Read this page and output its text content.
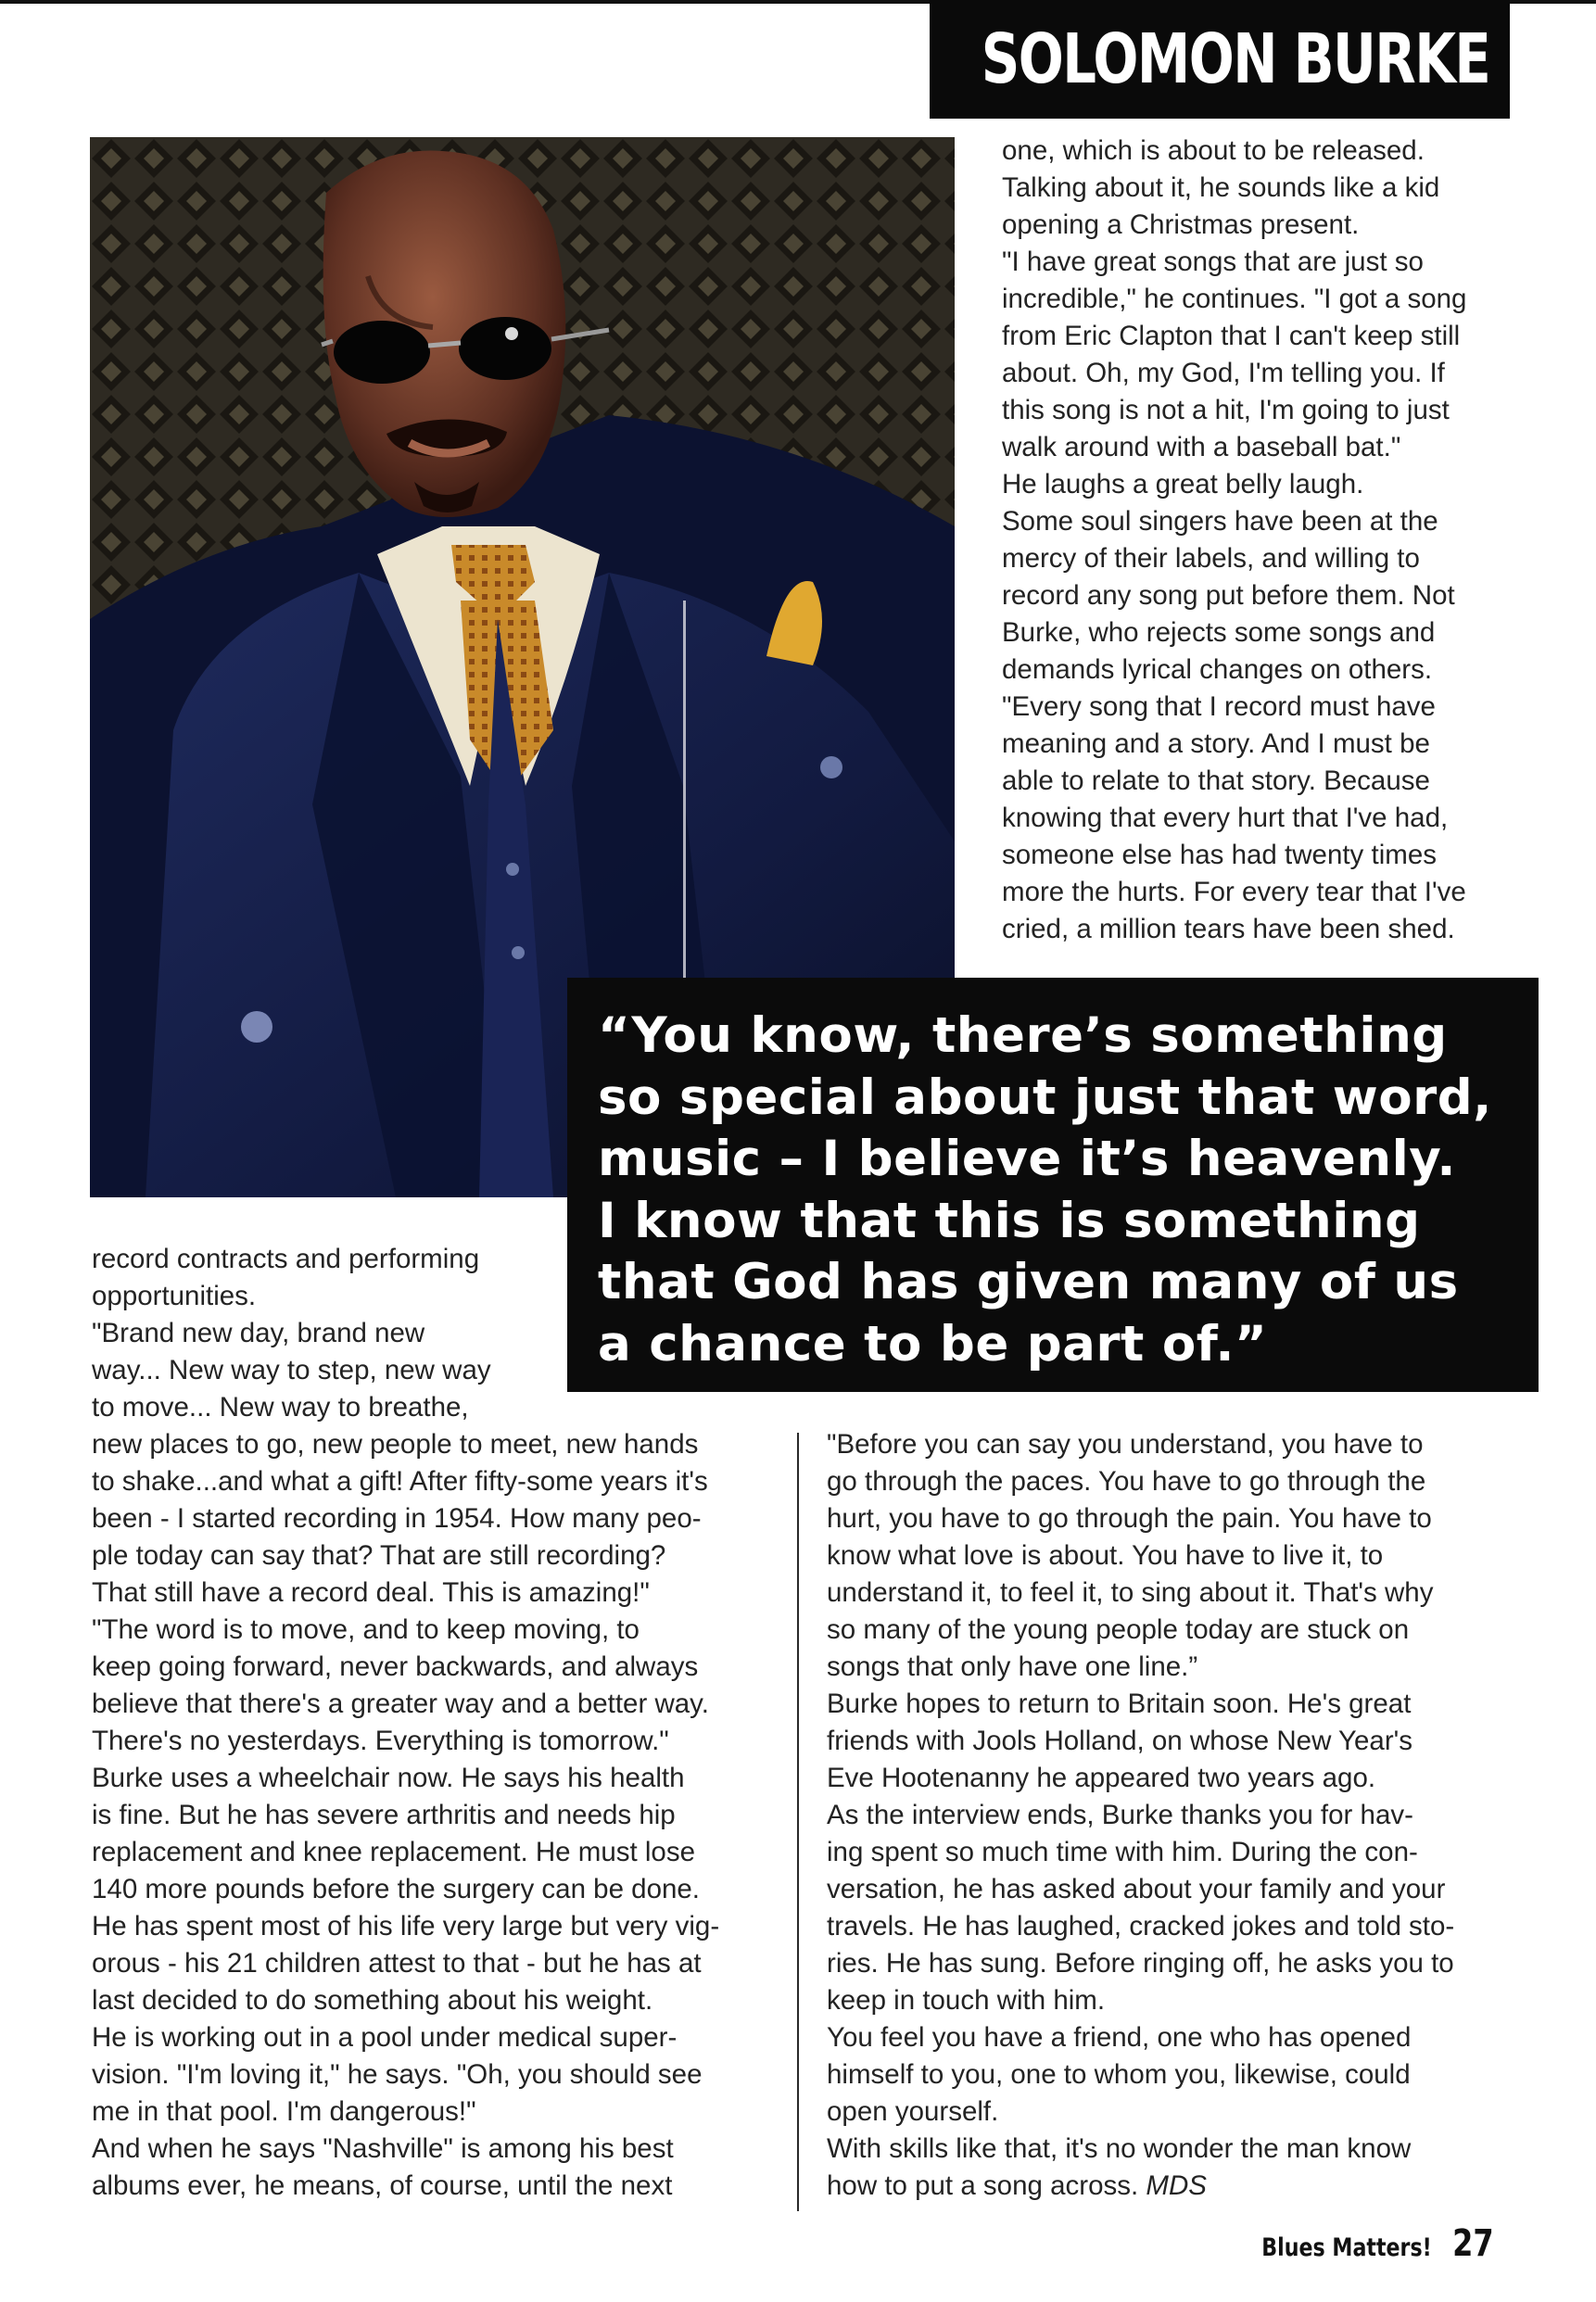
SOLOMON BURKE

“You know, there’s something
so special about just that word,
music – I believe it’s heavenly.
I know that this is something
that God has given many of us
a chance to be part of.”

one, which is about to be released.
Talking about it, he sounds like a kid
opening a Christmas present.
"I have great songs that are just so
incredible," he continues. "I got a song
from Eric Clapton that I can't keep still
about. Oh, my God, I'm telling you. If
this song is not a hit, I'm going to just
walk around with a baseball bat."
He laughs a great belly laugh.
Some soul singers have been at the
mercy of their labels, and willing to
record any song put before them. Not
Burke, who rejects some songs and
demands lyrical changes on others.
"Every song that I record must have
meaning and a story. And I must be
able to relate to that story. Because
knowing that every hurt that I've had,
someone else has had twenty times
more the hurts. For every tear that I've
cried, a million tears have been shed.

record contracts and performing
opportunities.
"Brand new day, brand new
way... New way to step, new way
to move... New way to breathe,

new places to go, new people to meet, new hands
to shake...and what a gift! After fifty-some years it's
been - I started recording in 1954. How many peo-
ple today can say that? That are still recording?
That still have a record deal. This is amazing!"
"The word is to move, and to keep moving, to
keep going forward, never backwards, and always
believe that there's a greater way and a better way.
There's no yesterdays. Everything is tomorrow."
Burke uses a wheelchair now. He says his health
is fine. But he has severe arthritis and needs hip
replacement and knee replacement. He must lose
140 more pounds before the surgery can be done.
He has spent most of his life very large but very vig-
orous - his 21 children attest to that - but he has at
last decided to do something about his weight.
He is working out in a pool under medical super-
vision. "I'm loving it," he says. "Oh, you should see
me in that pool. I'm dangerous!"
And when he says "Nashville" is among his best
albums ever, he means, of course, until the next

"Before you can say you understand, you have to
go through the paces. You have to go through the
hurt, you have to go through the pain. You have to
know what love is about. You have to live it, to
understand it, to feel it, to sing about it. That's why
so many of the young people today are stuck on
songs that only have one line.”
Burke hopes to return to Britain soon. He's great
friends with Jools Holland, on whose New Year's
Eve Hootenanny he appeared two years ago.
As the interview ends, Burke thanks you for hav-
ing spent so much time with him. During the con-
versation, he has asked about your family and your
travels. He has laughed, cracked jokes and told sto-
ries. He has sung. Before ringing off, he asks you to
keep in touch with him.
You feel you have a friend, one who has opened
himself to you, one to whom you, likewise, could
open yourself.
With skills like that, it's no wonder the man know
how to put a song across. MDS

Blues Matters! 27
